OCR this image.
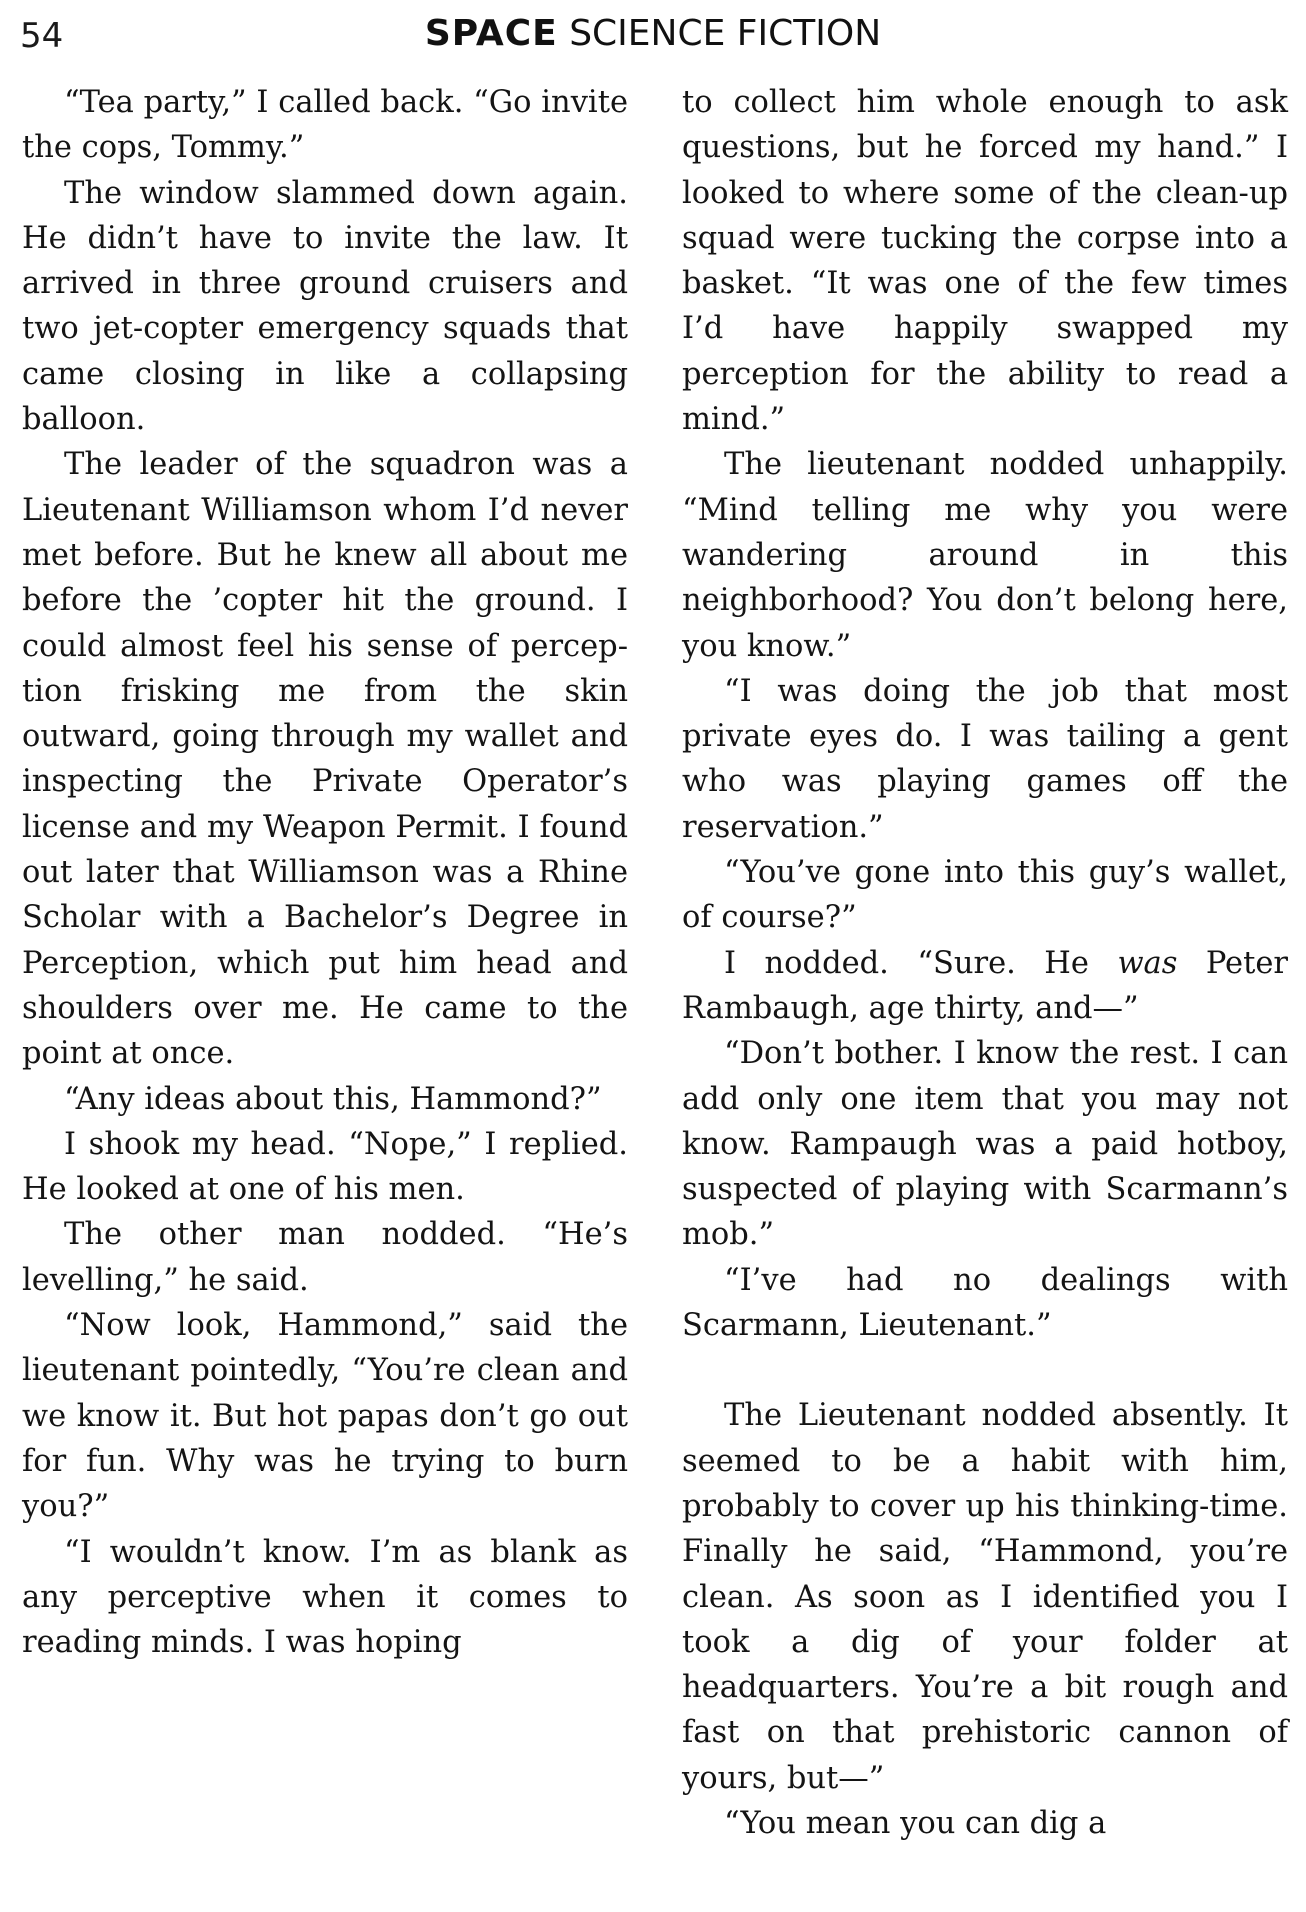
54	SPACE SCIENCE FICTION

“Tea party,” I called back. “Go invite the cops, Tommy.”

The window slammed down again. He didn’t have to invite the law. It arrived in three ground cruisers and two jet-copter emergency squads that came closing in like a collapsing balloon.

The leader of the squadron was a Lieutenant Williamson whom I’d never met before. But he knew all about me before the ’copter hit the ground. I could almost feel his sense of perception frisking me from the skin outward, going through my wallet and inspecting the Private Operator’s license and my Weapon Permit. I found out later that Williamson was a Rhine Scholar with a Bachelor’s Degree in Perception, which put him head and shoulders over me. He came to the point at once.

“Any ideas about this, Hammond?”

I shook my head. “Nope,” I replied. He looked at one of his men.

The other man nodded. “He’s levelling,” he said.

“Now look, Hammond,” said the lieutenant pointedly, “You’re clean and we know it. But hot papas don’t go out for fun. Why was he trying to burn you?”

“I wouldn’t know. I’m as blank as any perceptive when it comes to reading minds. I was hoping

to collect him whole enough to ask questions, but he forced my hand.” I looked to where some of the clean-up squad were tucking the corpse into a basket. “It was one of the few times I’d have happily swapped my perception for the ability to read a mind.”

The lieutenant nodded unhappily. “Mind telling me why you were wandering around in this neighborhood? You don’t belong here, you know.”

“I was doing the job that most private eyes do. I was tailing a gent who was playing games off the reservation.”

“You’ve gone into this guy’s wallet, of course?”

I nodded. “Sure. He was Peter Rambaugh, age thirty, and—”

“Don’t bother. I know the rest. I can add only one item that you may not know. Rampaugh was a paid hotboy, suspected of playing with Scarmann’s mob.”

“I’ve had no dealings with Scarmann, Lieutenant.”

The Lieutenant nodded absently. It seemed to be a habit with him, probably to cover up his thinking-time. Finally he said, “Hammond, you’re clean. As soon as I identified you I took a dig of your folder at headquarters. You’re a bit rough and fast on that prehistoric cannon of yours, but—”

“You mean you can dig a
